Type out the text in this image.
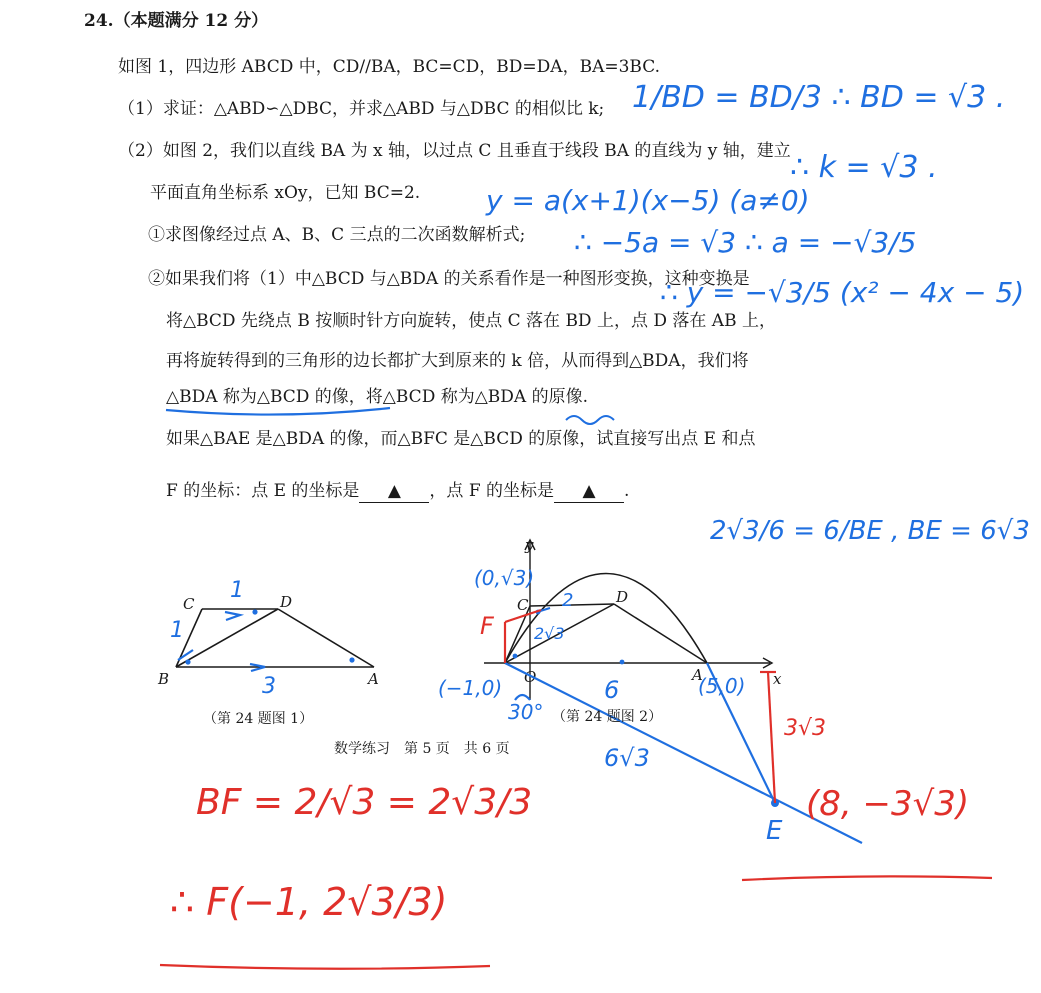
24.（本题满分 12 分）
如图 1，四边形 ABCD 中，CD//BA，BC=CD，BD=DA，BA=3BC.
（1）求证：△ABD∽△DBC，并求△ABD 与△DBC 的相似比 k;
（2）如图 2，我们以直线 BA 为 x 轴，以过点 C 且垂直于线段 BA 的直线为 y 轴，建立
平面直角坐标系 xOy，已知 BC=2.
①求图像经过点 A、B、C 三点的二次函数解析式;
②如果我们将（1）中△BCD 与△BDA 的关系看作是一种图形变换，这种变换是
将△BCD 先绕点 B 按顺时针方向旋转，使点 C 落在 BD 上，点 D 落在 AB 上，
再将旋转得到的三角形的边长都扩大到原来的 k 倍，从而得到△BDA，我们将
△BDA 称为△BCD 的像，将△BCD 称为△BDA 的原像.
如果△BAE 是△BDA 的像，而△BFC 是△BCD 的原像，试直接写出点 E 和点
F 的坐标：点 E 的坐标是 ▲ ，点 F 的坐标是 ▲ .
B
C	D
A
y
x
O
C	D
A
（第 24 题图 1）	（第 24 题图 2）
数学练习　第 5 页　共 6 页
1/BD = BD/3 ∴ BD = √3 .
∴ k = √3 .
y = a(x+1)(x−5) (a≠0)
∴ −5a = √3 ∴ a = −√3/5
∴ y = −√3/5 (x² − 4x − 5)
2√3/6 = 6/BE , BE = 6√3
(0,√3)
(−1,0)	(5,0)
1
1
3
2
2√3
6
6√3
30°
E
F
3√3
(8, −3√3)
BF = 2/√3 = 2√3/3
∴ F(−1, 2√3/3)
